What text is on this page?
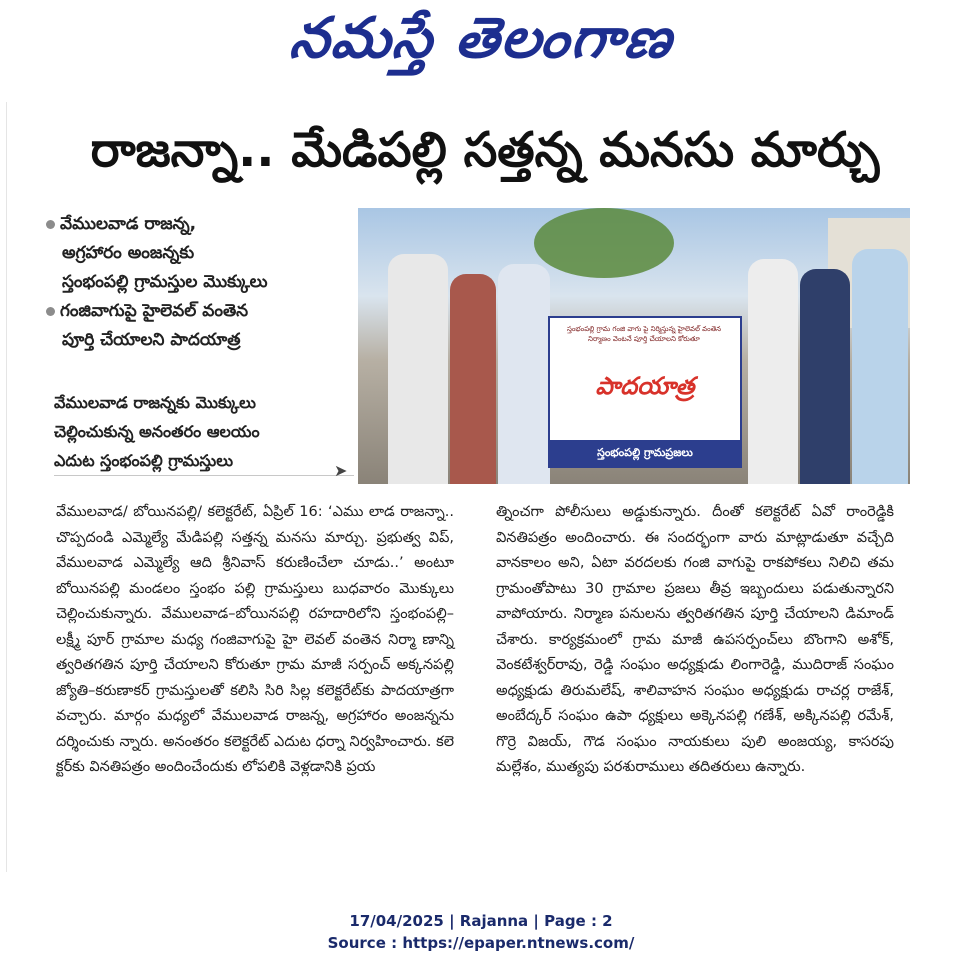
నమస్తే తెలంగాణ
రాజన్నా.. మేడిపల్లి సత్తన్న మనసు మార్చు
వేములవాడ రాజన్న,
అగ్రహారం అంజన్నకు
స్తంభంపల్లి గ్రామస్తుల మొక్కులు
గంజివాగుపై హైలెవల్ వంతెన
పూర్తి చేయాలని పాదయాత్ర
వేములవాడ రాజన్నకు మొక్కులు
చెల్లించుకున్న అనంతరం ఆలయం
ఎదుట స్తంభంపల్లి గ్రామస్తులు
➤
స్తంభంపల్లి గ్రామ గంజి వాగు పై నిర్మిస్తున్న హైలెవల్ వంతెన నిర్మాణం వెంటనే పూర్తి చేయాలని కోరుతూ
పాదయాత్ర
స్తంభంపల్లి గ్రామప్రజలు
వేములవాడ/ బోయినపల్లి/ కలెక్టరేట్, ఏప్రిల్ 16: ‘ఎము లాడ రాజన్నా.. చొప్పదండి ఎమ్మెల్యే మేడిపల్లి సత్తన్న మనసు మార్చు. ప్రభుత్వ విప్, వేములవాడ ఎమ్మెల్యే ఆది శ్రీనివాస్ కరుణించేలా చూడు..’ అంటూ బోయినపల్లి మండలం స్తంభం పల్లి గ్రామస్తులు బుధవారం మొక్కులు చెల్లించుకున్నారు. వేములవాడ–బోయినపల్లి రహదారిలోని స్తంభంపల్లి–లక్ష్మీ పూర్ గ్రామాల మధ్య గంజివాగుపై హై లెవల్ వంతెన నిర్మా ణాన్ని త్వరితగతిన పూర్తి చేయాలని కోరుతూ గ్రామ మాజీ సర్పంచ్ అక్కనపల్లి జ్యోతి–కరుణాకర్ గ్రామస్తులతో కలిసి సిరి సిల్ల కలెక్టరేట్‌కు పాదయాత్రగా వచ్చారు. మార్గం మధ్యలో వేములవాడ రాజన్న, అగ్రహారం అంజన్నను దర్శించుకు న్నారు. అనంతరం కలెక్టరేట్ ఎదుట ధర్నా నిర్వహించారు. కలె క్టర్‌కు వినతిపత్రం అందించేందుకు లోపలికి వెళ్లడానికి ప్రయ
త్నించగా పోలీసులు అడ్డుకున్నారు. దీంతో కలెక్టరేట్ ఏవో రాంరెడ్డికి వినతిపత్రం అందించారు. ఈ సందర్భంగా వారు మాట్లాడుతూ వచ్చేది వానకాలం అని, ఏటా వరదలకు గంజి వాగుపై రాకపోకలు నిలిచి తమ గ్రామంతోపాటు 30 గ్రామాల ప్రజలు తీవ్ర ఇబ్బందులు పడుతున్నారని వాపోయారు. నిర్మాణ పనులను త్వరితగతిన పూర్తి చేయాలని డిమాండ్ చేశారు. కార్యక్రమంలో గ్రామ మాజీ ఉపసర్పంచ్‌లు బొంగాని అశోక్, వెంకటేశ్వర్‌రావు, రెడ్డి సంఘం అధ్యక్షుడు లింగారెడ్డి, ముదిరాజ్ సంఘం అధ్యక్షుడు తిరుమలేష్, శాలివాహన సంఘం అధ్యక్షుడు రాచర్ల రాజేశ్, అంబేద్కర్ సంఘం ఉపా ధ్యక్షులు అక్కెనపల్లి గణేశ్, అక్కినపల్లి రమేశ్, గొర్రె విజయ్, గౌడ సంఘం నాయకులు పులి అంజయ్య, కాసరపు మల్లేశం, ముత్యపు పరశురాములు తదితరులు ఉన్నారు.
17/04/2025 | Rajanna | Page : 2
Source : https://epaper.ntnews.com/
